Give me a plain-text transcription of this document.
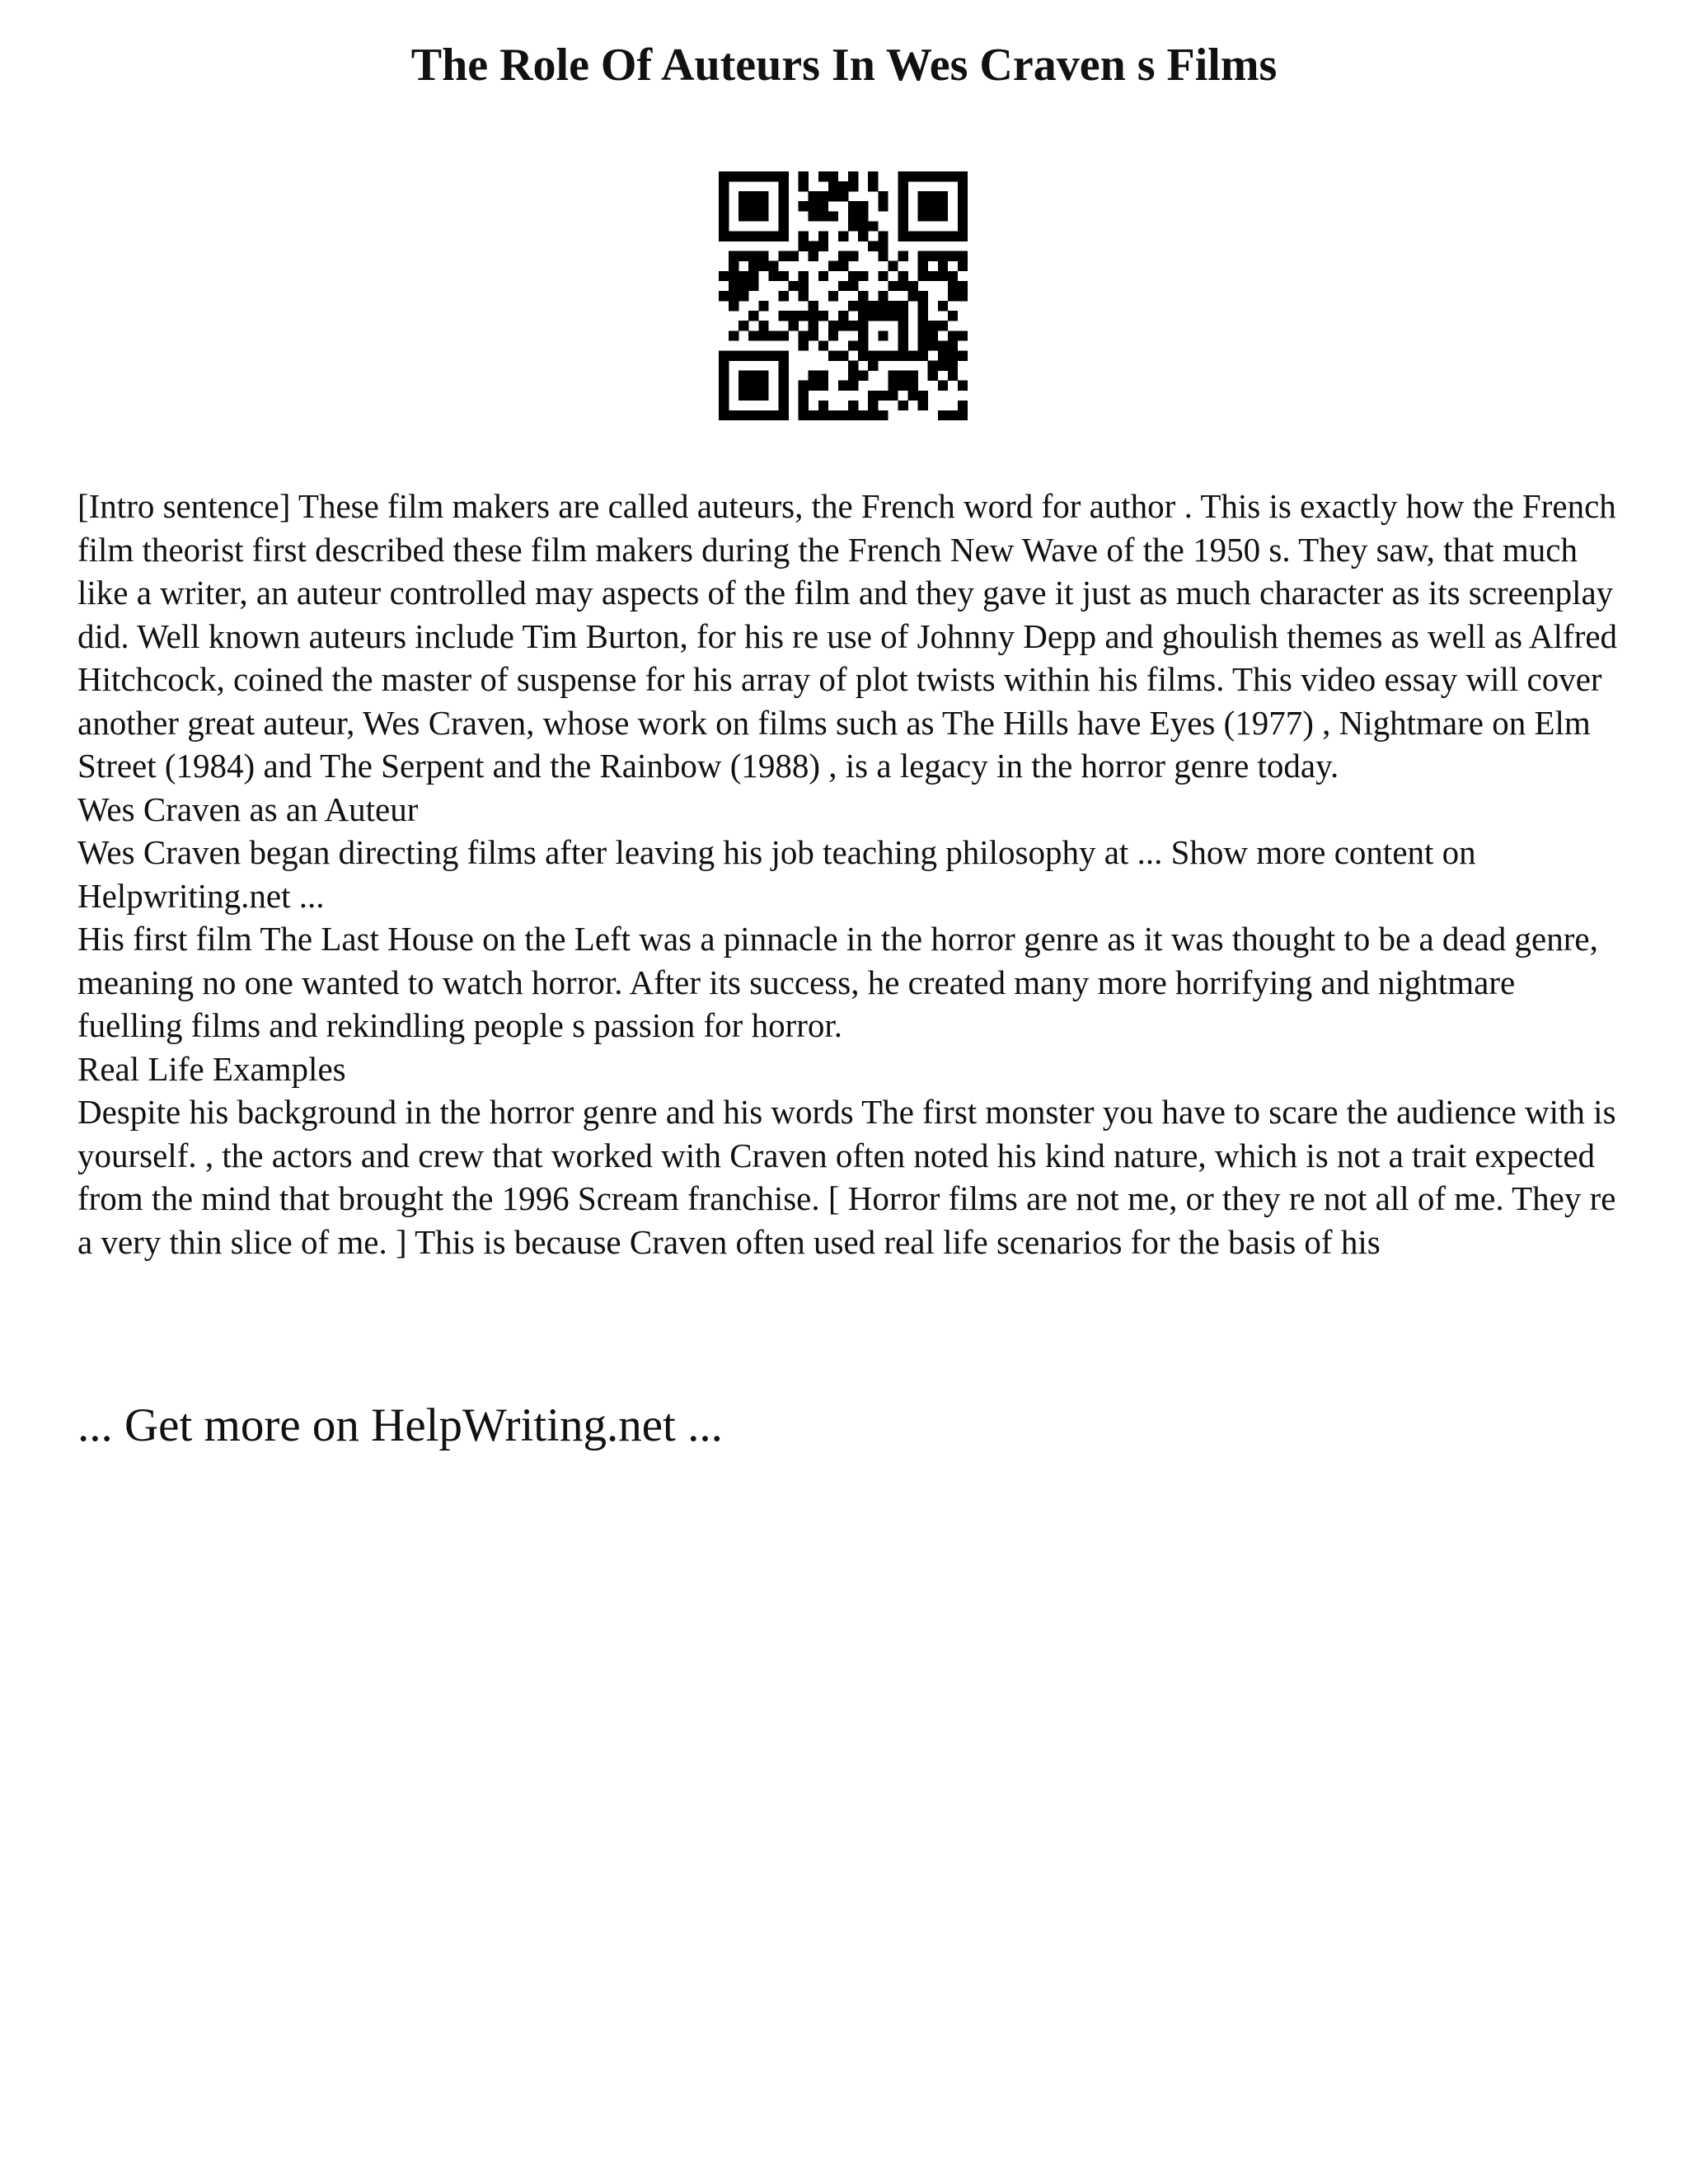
The Role Of Auteurs In Wes Craven s Films

[Intro sentence] These film makers are called auteurs, the French word for author . This is exactly how the French film theorist first described these film makers during the French New Wave of the 1950 s. They saw, that much like a writer, an auteur controlled may aspects of the film and they gave it just as much character as its screenplay did. Well known auteurs include Tim Burton, for his re use of Johnny Depp and ghoulish themes as well as Alfred Hitchcock, coined the master of suspense for his array of plot twists within his films. This video essay will cover another great auteur, Wes Craven, whose work on films such as The Hills have Eyes (1977) , Nightmare on Elm Street (1984) and The Serpent and the Rainbow (1988) , is a legacy in the horror genre today.

Wes Craven as an Auteur

Wes Craven began directing films after leaving his job teaching philosophy at ... Show more content on Helpwriting.net ...

His first film The Last House on the Left was a pinnacle in the horror genre as it was thought to be a dead genre, meaning no one wanted to watch horror. After its success, he created many more horrifying and nightmare fuelling films and rekindling people s passion for horror.

Real Life Examples

Despite his background in the horror genre and his words The first monster you have to scare the audience with is yourself. , the actors and crew that worked with Craven often noted his kind nature, which is not a trait expected from the mind that brought the 1996 Scream franchise. [ Horror films are not me, or they re not all of me. They re a very thin slice of me. ] This is because Craven often used real life scenarios for the basis of his

... Get more on HelpWriting.net ...
